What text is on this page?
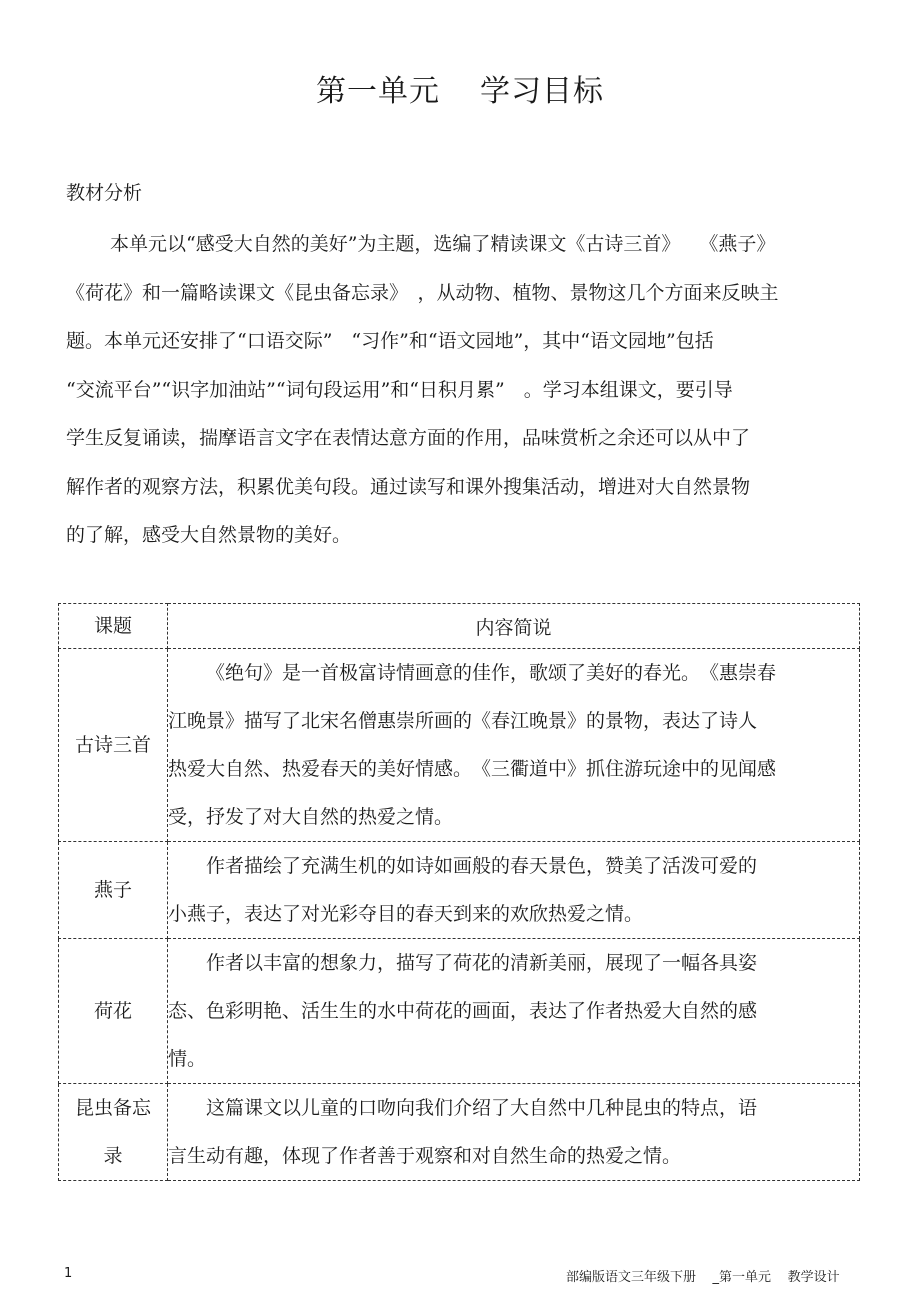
第一单元 学习目标
教材分析
本单元以“感受大自然的美好”为主题，选编了精读课文《古诗三首》　　《燕子》
《荷花》和一篇略读课文《昆虫备忘录》　，从动物、植物、景物这几个方面来反映主
题。本单元还安排了“口语交际”　“习作”和“语文园地”，其中“语文园地”包括
“交流平台”“识字加油站”“词句段运用”和“日积月累”　。学习本组课文，要引导
学生反复诵读，揣摩语言文字在表情达意方面的作用，品味赏析之余还可以从中了
解作者的观察方法，积累优美句段。通过读写和课外搜集活动，增进对大自然景物
的了解，感受大自然景物的美好。
课题	内容简说
古诗三首	《绝句》是一首极富诗情画意的佳作，歌颂了美好的春光。　《惠崇春
江晚景》描写了北宋名僧惠崇所画的《春江晚景》的景物，表达了诗人
热爱大自然、热爱春天的美好情感。　《三衢道中》抓住游玩途中的见闻感
受，抒发了对大自然的热爱之情。

燕子	作者描绘了充满生机的如诗如画般的春天景色，赞美了活泼可爱的
小燕子，表达了对光彩夺目的春天到来的欢欣热爱之情。

荷花	作者以丰富的想象力，描写了荷花的清新美丽，展现了一幅各具姿
态、色彩明艳、活生生的水中荷花的画面，表达了作者热爱大自然的感
情。

昆虫备忘
录	这篇课文以儿童的口吻向我们介绍了大自然中几种昆虫的特点，语
言生动有趣，体现了作者善于观察和对自然生命的热爱之情。
1	部编版语文三年级下册 _第一单元 教学设计
